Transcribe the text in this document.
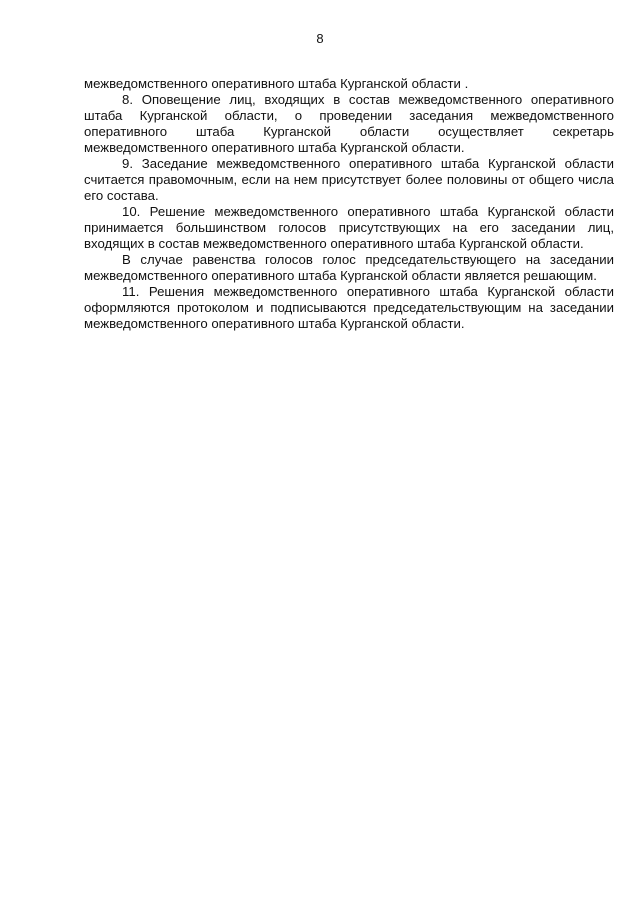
8

межведомственного оперативного штаба Курганской области .

8. Оповещение лиц, входящих в состав межведомственного оперативного штаба Курганской области, о проведении заседания межведомственного оперативного штаба Курганской области осуществляет секретарь межведомственного оперативного штаба Курганской области.

9. Заседание межведомственного оперативного штаба Курганской области считается правомочным, если на нем присутствует более половины от общего числа его состава.

10. Решение межведомственного оперативного штаба Курганской области принимается большинством голосов присутствующих на его заседании лиц, входящих в состав межведомственного оперативного штаба Курганской области.

В случае равенства голосов голос председательствующего на заседании межведомственного оперативного штаба Курганской области является решающим.

11. Решения межведомственного оперативного штаба Курганской области оформляются протоколом и подписываются председательствующим на заседании межведомственного оперативного штаба Курганской области.
